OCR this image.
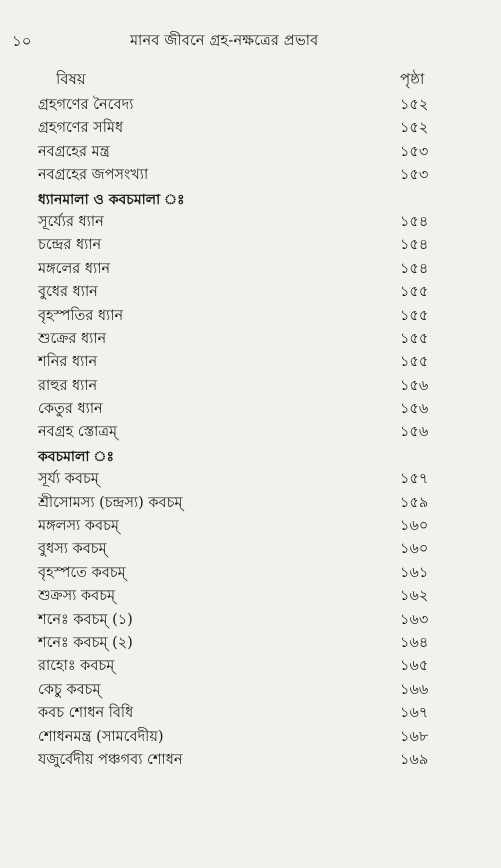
১০	মানব জীবনে গ্রহ-নক্ষত্রের প্রভাব
বিষয়	পৃষ্ঠা
গ্রহগণের নৈবেদ্য	১৫২
গ্রহগণের সমিধ	১৫২
নবগ্রহের মন্ত্র	১৫৩
নবগ্রহের জপসংখ্যা	১৫৩
ধ্যানমালা ও কবচমালা ঃ
সূর্য্যের ধ্যান	১৫৪
চন্দ্রের ধ্যান	১৫৪
মঙ্গলের ধ্যান	১৫৪
বুধের ধ্যান	১৫৫
বৃহস্পতির ধ্যান	১৫৫
শুক্রের ধ্যান	১৫৫
শনির ধ্যান	১৫৫
রাহুর ধ্যান	১৫৬
কেতুর ধ্যান	১৫৬
নবগ্রহ স্তোত্রম্	১৫৬
কবচমালা ঃ
সূর্য্য কবচম্	১৫৭
শ্রীসোমস্য (চন্দ্রস্য) কবচম্	১৫৯
মঙ্গলস্য কবচম্	১৬০
বুধস্য কবচম্	১৬০
বৃহস্পতে কবচম্	১৬১
শুক্রস্য কবচম্	১৬২
শনেঃ কবচম্ (১)	১৬৩
শনেঃ কবচম্ (২)	১৬৪
রাহোঃ কবচম্	১৬৫
কেচু কবচম্	১৬৬
কবচ শোধন বিধি	১৬৭
শোধনমন্ত্র (সামবেদীয়)	১৬৮
যজুর্বেদীয় পঞ্চগব্য শোধন	১৬৯
